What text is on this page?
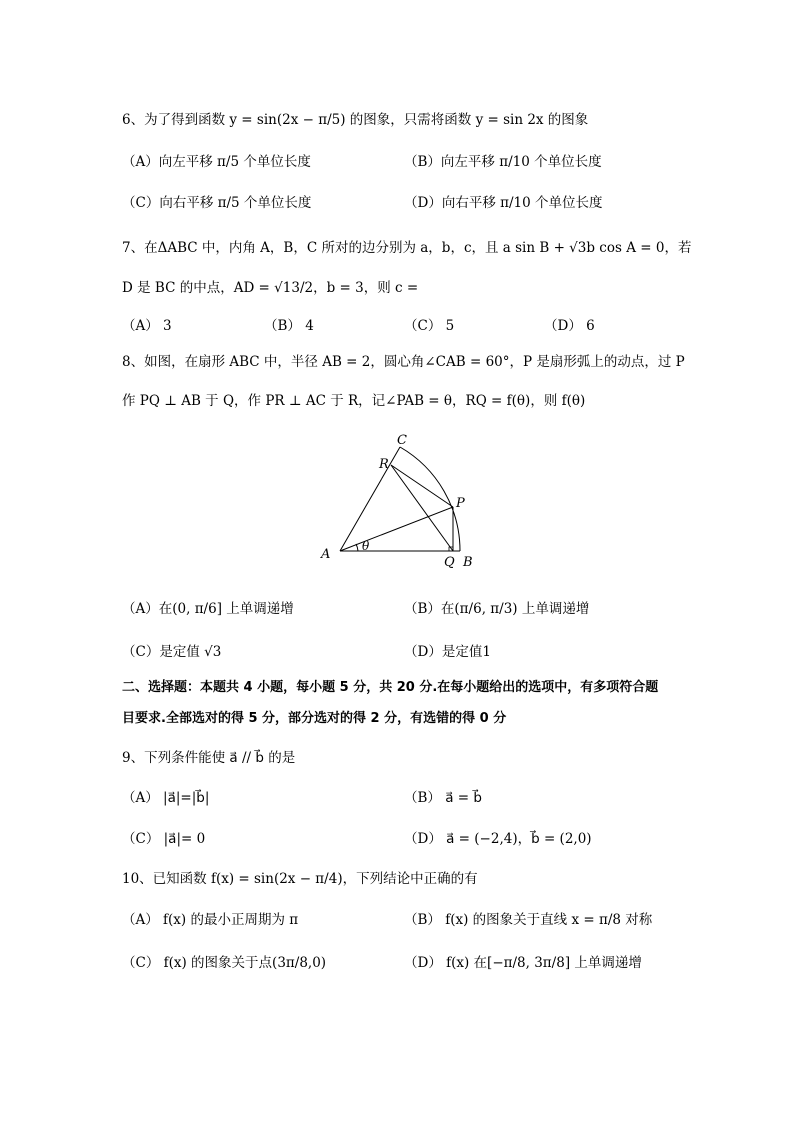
6、为了得到函数 y = sin(2x − π/5) 的图象，只需将函数 y = sin 2x 的图象
（A）向左平移 π/5 个单位长度	（B）向左平移 π/10 个单位长度
（C）向右平移 π/5 个单位长度	（D）向右平移 π/10 个单位长度
7、在ΔABC 中，内角 A，B，C 所对的边分别为 a，b，c，且 a sin B + √3b cos A = 0，若
D 是 BC 的中点，AD = √13/2，b = 3，则 c =
（A） 3	（B） 4	（C） 5	（D） 6
8、如图，在扇形 ABC 中，半径 AB = 2，圆心角∠CAB = 60°，P 是扇形弧上的动点，过 P
作 PQ ⊥ AB 于 Q，作 PR ⊥ AC 于 R，记∠PAB = θ，RQ = f(θ)，则 f(θ)
A
B
C
P
Q
R
θ
（A）在(0, π/6] 上单调递增	（B）在(π/6, π/3) 上单调递增
（C）是定值 √3	（D）是定值1
二、选择题：本题共 4 小题，每小题 5 分，共 20 分.在每小题给出的选项中，有多项符合题
目要求.全部选对的得 5 分，部分选对的得 2 分，有选错的得 0 分
9、下列条件能使 a⃗ // b⃗ 的是
（A） |a⃗|=|b⃗|	（B） a⃗ = b⃗
（C） |a⃗|= 0	（D） a⃗ = (−2,4)，b⃗ = (2,0)
10、已知函数 f(x) = sin(2x − π/4)，下列结论中正确的有
（A） f(x) 的最小正周期为 π	（B） f(x) 的图象关于直线 x = π/8 对称
（C） f(x) 的图象关于点(3π/8,0)	（D） f(x) 在[−π/8, 3π/8] 上单调递增
